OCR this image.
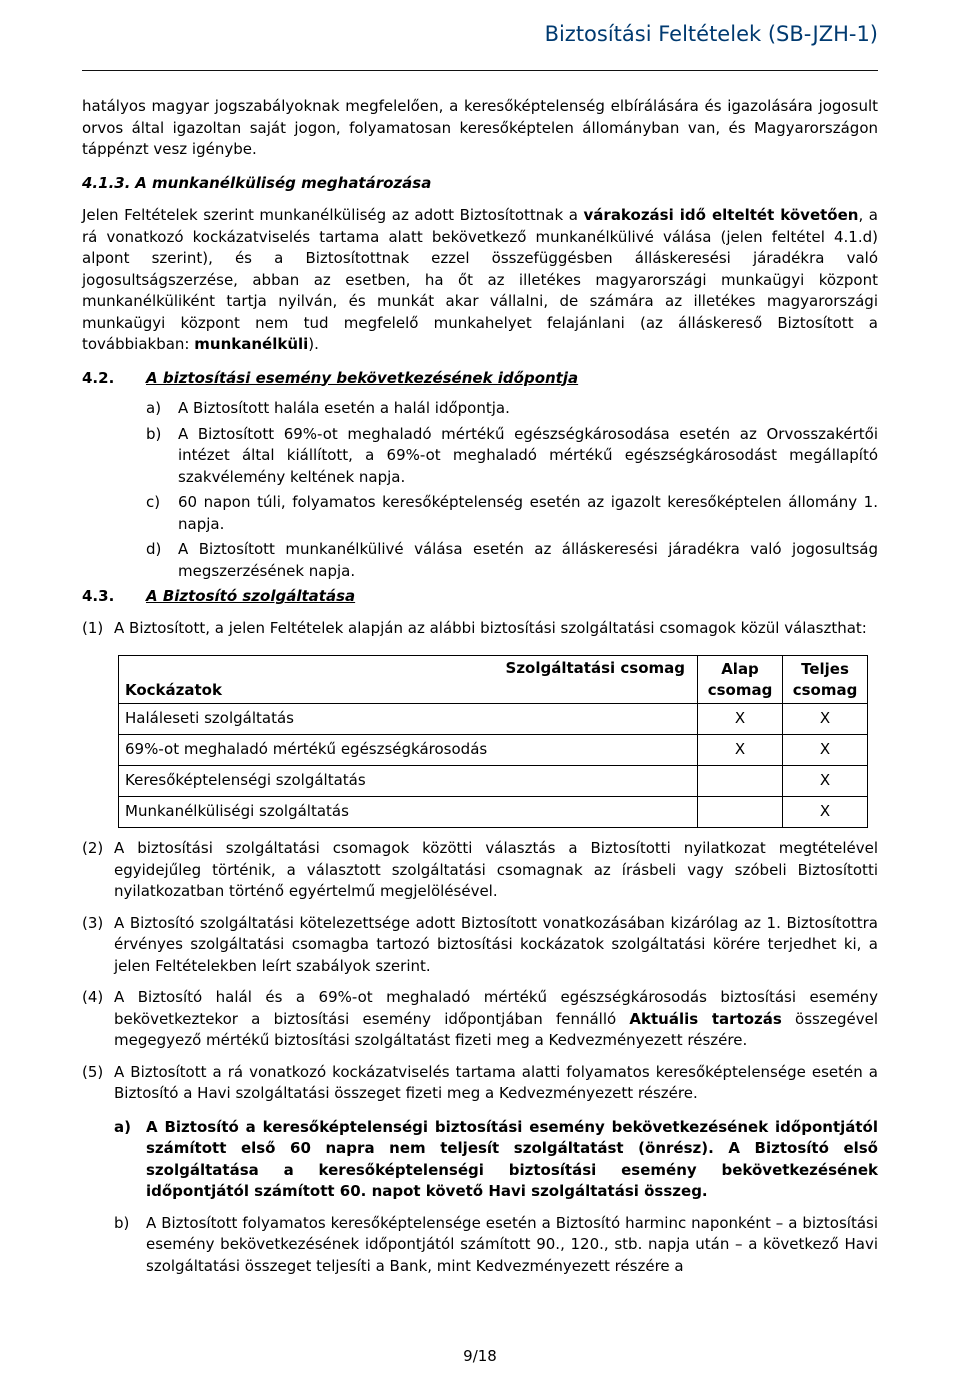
Biztosítási Feltételek (SB-JZH-1)

hatályos magyar jogszabályoknak megfelelően, a keresőképtelenség elbírálására és igazolására jogosult orvos által igazoltan saját jogon, folyamatosan keresőképtelen állományban van, és Magyarországon táppénzt vesz igénybe.

4.1.3. A munkanélküliség meghatározása

Jelen Feltételek szerint munkanélküliség az adott Biztosítottnak a várakozási idő elteltét követően, a rá vonatkozó kockázatviselés tartama alatt bekövetkező munkanélkülivé válása (jelen feltétel 4.1.d) alpont szerint), és a Biztosítottnak ezzel összefüggésben álláskeresési járadékra való jogosultságszerzése, abban az esetben, ha őt az illetékes magyarországi munkaügyi központ munkanélküliként tartja nyilván, és munkát akar vállalni, de számára az illetékes magyarországi munkaügyi központ nem tud megfelelő munkahelyet felajánlani (az álláskereső Biztosított a továbbiakban: munkanélküli).

4.2. A biztosítási esemény bekövetkezésének időpontja
a)	A Biztosított halála esetén a halál időpontja.
b)	A Biztosított 69%-ot meghaladó mértékű egészségkárosodása esetén az Orvosszakértői intézet által kiállított, a 69%-ot meghaladó mértékű egészségkárosodást megállapító szakvélemény keltének napja.
c)	60 napon túli, folyamatos keresőképtelenség esetén az igazolt keresőképtelen állomány 1. napja.
d)	A Biztosított munkanélkülivé válása esetén az álláskeresési járadékra való jogosultság megszerzésének napja.
4.3. A Biztosító szolgáltatása
(1) A Biztosított, a jelen Feltételek alapján az alábbi biztosítási szolgáltatási csomagok közül választhat:
Szolgáltatási csomag
Kockázatok	Alap csomag	Teljes csomag
Haláleseti szolgáltatás	X	X
69%-ot meghaladó mértékű egészségkárosodás	X	X
Keresőképtelenségi szolgáltatás		X
Munkanélküliségi szolgáltatás		X
(2) A biztosítási szolgáltatási csomagok közötti választás a Biztosítotti nyilatkozat megtételével egyidejűleg történik, a választott szolgáltatási csomagnak az írásbeli vagy szóbeli Biztosítotti nyilatkozatban történő egyértelmű megjelölésével.
(3) A Biztosító szolgáltatási kötelezettsége adott Biztosított vonatkozásában kizárólag az 1. Biztosítottra érvényes szolgáltatási csomagba tartozó biztosítási kockázatok szolgáltatási körére terjedhet ki, a jelen Feltételekben leírt szabályok szerint.
(4) A Biztosító halál és a 69%-ot meghaladó mértékű egészségkárosodás biztosítási esemény bekövetkeztekor a biztosítási esemény időpontjában fennálló Aktuális tartozás összegével megegyező mértékű biztosítási szolgáltatást fizeti meg a Kedvezményezett részére.
(5) A Biztosított a rá vonatkozó kockázatviselés tartama alatti folyamatos keresőképtelensége esetén a Biztosító a Havi szolgáltatási összeget fizeti meg a Kedvezményezett részére.
a)	A Biztosító a keresőképtelenségi biztosítási esemény bekövetkezésének időpontjától számított első 60 napra nem teljesít szolgáltatást (önrész). A Biztosító első szolgáltatása a keresőképtelenségi biztosítási esemény bekövetkezésének időpontjától számított 60. napot követő Havi szolgáltatási összeg.
b)	A Biztosított folyamatos keresőképtelensége esetén a Biztosító harminc naponként – a biztosítási esemény bekövetkezésének időpontjától számított 90., 120., stb. napja után – a következő Havi szolgáltatási összeget teljesíti a Bank, mint Kedvezményezett részére a
9/18
